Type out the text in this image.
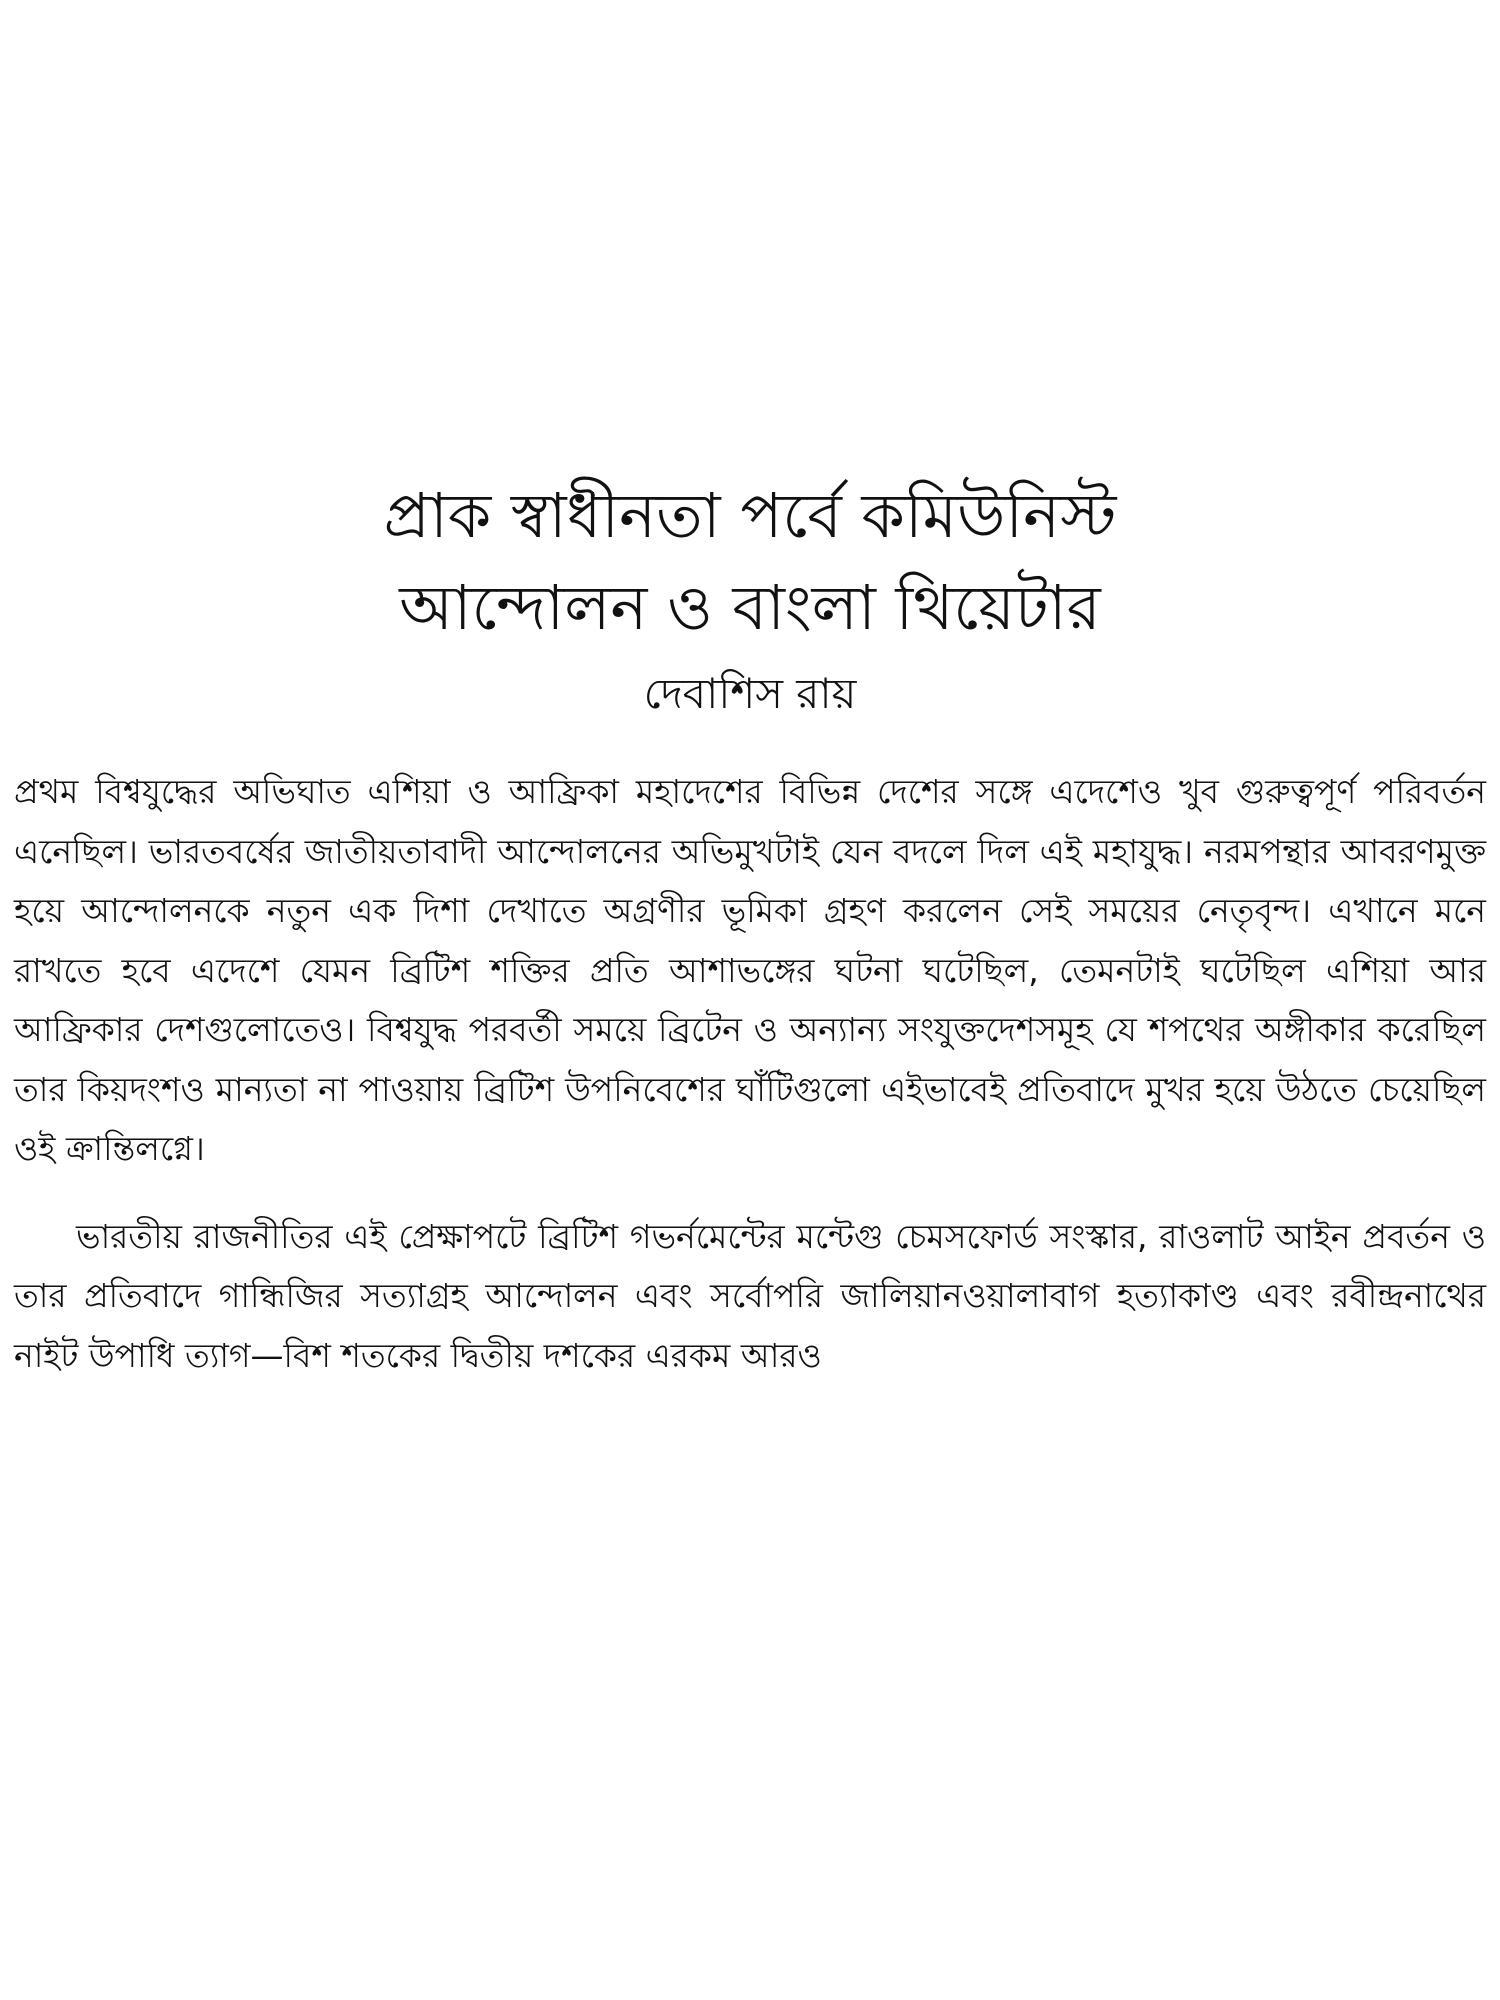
প্রাক স্বাধীনতা পর্বে কমিউনিস্ট
আন্দোলন ও বাংলা থিয়েটার
দেবাশিস রায়

প্রথম বিশ্বযুদ্ধের অভিঘাত এশিয়া ও আফ্রিকা মহাদেশের বিভিন্ন দেশের সঙ্গে এদেশেও খুব গুরুত্বপূর্ণ পরিবর্তন এনেছিল। ভারতবর্ষের জাতীয়তাবাদী আন্দোলনের অভিমুখটাই যেন বদলে দিল এই মহাযুদ্ধ। নরমপন্থার আবরণমুক্ত হয়ে আন্দোলনকে নতুন এক দিশা দেখাতে অগ্রণীর ভূমিকা গ্রহণ করলেন সেই সময়ের নেতৃবৃন্দ। এখানে মনে রাখতে হবে এদেশে যেমন ব্রিটিশ শক্তির প্রতি আশাভঙ্গের ঘটনা ঘটেছিল, তেমনটাই ঘটেছিল এশিয়া আর আফ্রিকার দেশগুলোতেও। বিশ্বযুদ্ধ পরবর্তী সময়ে ব্রিটেন ও অন্যান্য সংযুক্তদেশসমূহ যে শপথের অঙ্গীকার করেছিল তার কিয়দংশও মান্যতা না পাওয়ায় ব্রিটিশ উপনিবেশের ঘাঁটিগুলো এইভাবেই প্রতিবাদে মুখর হয়ে উঠতে চেয়েছিল ওই ক্রান্তিলগ্নে।

ভারতীয় রাজনীতির এই প্রেক্ষাপটে ব্রিটিশ গভর্নমেন্টের মন্টেগু চেমসফোর্ড সংস্কার, রাওলাট আইন প্রবর্তন ও তার প্রতিবাদে গান্ধিজির সত্যাগ্রহ আন্দোলন এবং সর্বোপরি জালিয়ানওয়ালাবাগ হত্যাকাণ্ড এবং রবীন্দ্রনাথের নাইট উপাধি ত্যাগ—বিশ শতকের দ্বিতীয় দশকের এরকম আরও
